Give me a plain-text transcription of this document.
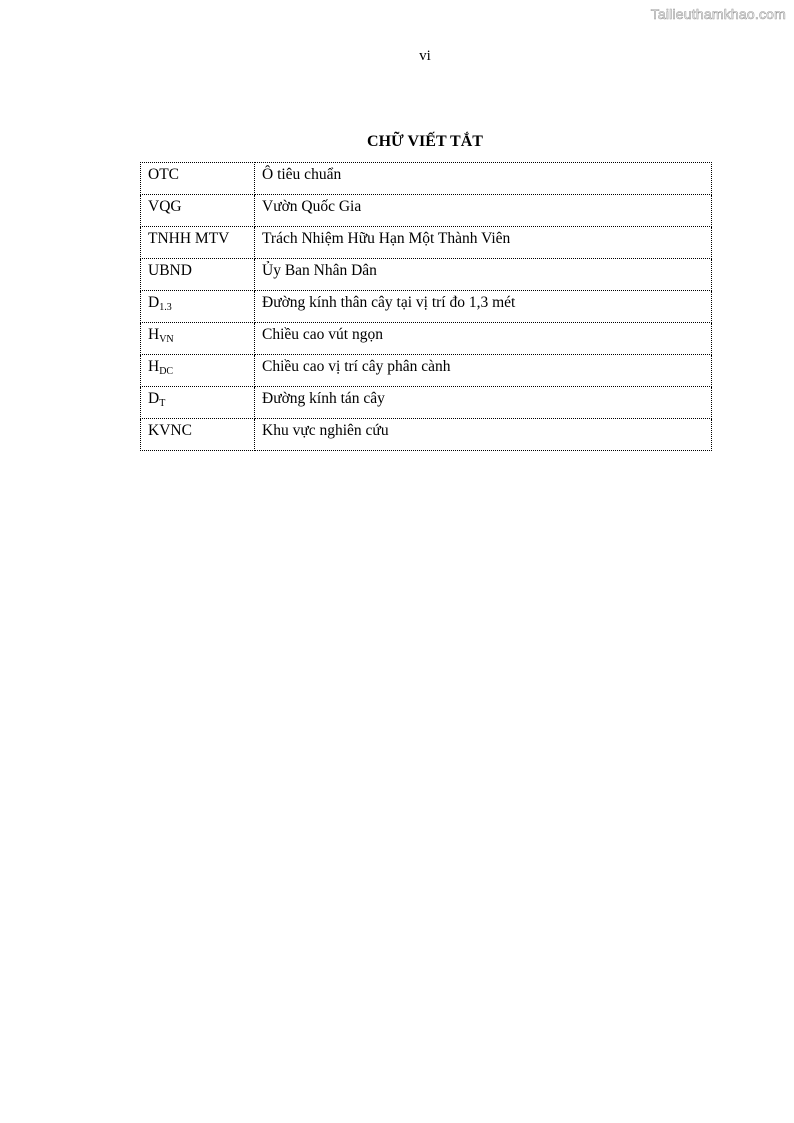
Tailieuthamkhao.com
vi
CHỮ VIẾT TẮT
OTC	Ô tiêu chuẩn
VQG	Vườn Quốc Gia
TNHH MTV	Trách Nhiệm Hữu Hạn Một Thành Viên
UBND	Ủy Ban Nhân Dân
$D_{1.3}$	Đường kính thân cây tại vị trí đo 1,3 mét
$H_{VN}$	Chiều cao vút ngọn
$H_{DC}$	Chiều cao vị trí cây phân cành
$D_T$	Đường kính tán cây
KVNC	Khu vực nghiên cứu
